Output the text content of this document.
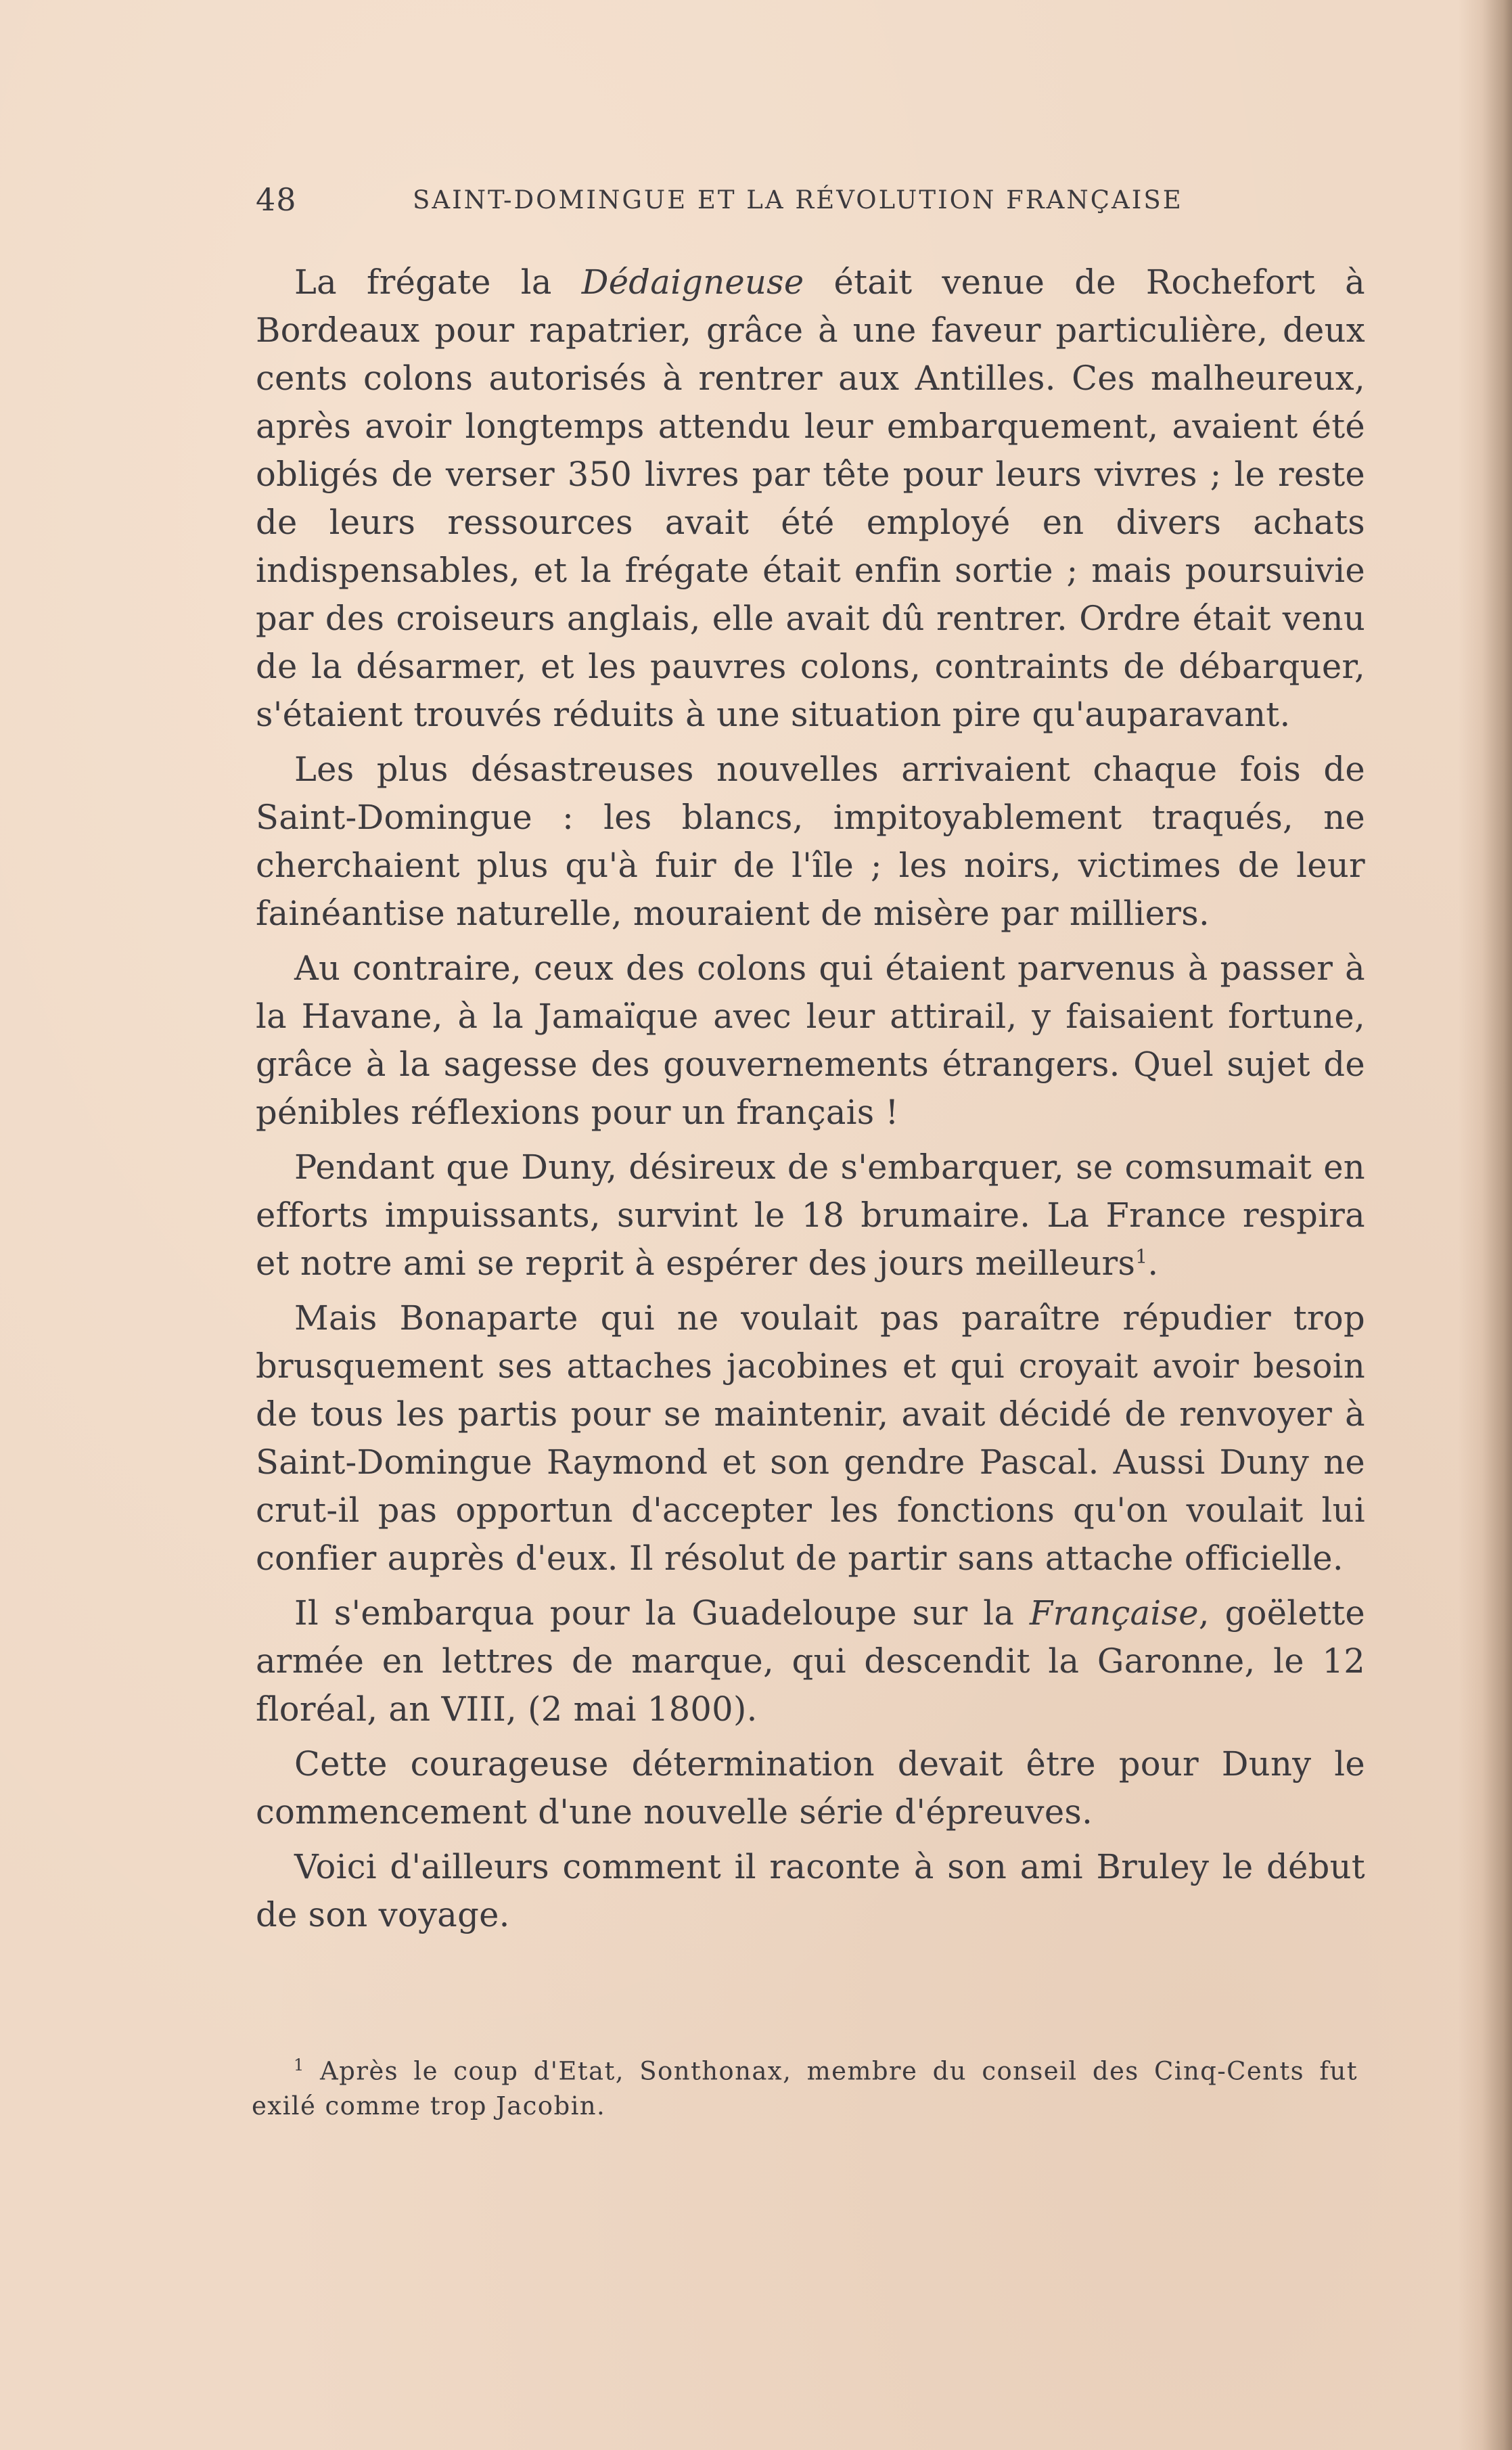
48	SAINT-DOMINGUE ET LA RÉVOLUTION FRANÇAISE

La frégate la Dédaigneuse était venue de Rochefort à Bordeaux pour rapatrier, grâce à une faveur particulière, deux cents colons autorisés à rentrer aux Antilles. Ces malheureux, après avoir longtemps attendu leur embarquement, avaient été obligés de verser 350 livres par tête pour leurs vivres ; le reste de leurs ressources avait été employé en divers achats indispensables, et la frégate était enfin sortie ; mais poursuivie par des croiseurs anglais, elle avait dû rentrer. Ordre était venu de la désarmer, et les pauvres colons, contraints de débarquer, s'étaient trouvés réduits à une situation pire qu'auparavant.

Les plus désastreuses nouvelles arrivaient chaque fois de Saint-Domingue : les blancs, impitoyablement traqués, ne cherchaient plus qu'à fuir de l'île ; les noirs, victimes de leur fainéantise naturelle, mouraient de misère par milliers.

Au contraire, ceux des colons qui étaient parvenus à passer à la Havane, à la Jamaïque avec leur attirail, y faisaient fortune, grâce à la sagesse des gouvernements étrangers. Quel sujet de pénibles réflexions pour un français !

Pendant que Duny, désireux de s'embarquer, se comsumait en efforts impuissants, survint le 18 brumaire. La France respira et notre ami se reprit à espérer des jours meilleurs$^1$.

Mais Bonaparte qui ne voulait pas paraître répudier trop brusquement ses attaches jacobines et qui croyait avoir besoin de tous les partis pour se maintenir, avait décidé de renvoyer à Saint-Domingue Raymond et son gendre Pascal. Aussi Duny ne crut-il pas opportun d'accepter les fonctions qu'on voulait lui confier auprès d'eux. Il résolut de partir sans attache officielle.

Il s'embarqua pour la Guadeloupe sur la Française, goëlette armée en lettres de marque, qui descendit la Garonne, le 12 floréal, an VIII, (2 mai 1800).

Cette courageuse détermination devait être pour Duny le commencement d'une nouvelle série d'épreuves.

Voici d'ailleurs comment il raconte à son ami Bruley le début de son voyage.

$^1$ Après le coup d'Etat, Sonthonax, membre du conseil des Cinq-Cents fut exilé comme trop Jacobin.
